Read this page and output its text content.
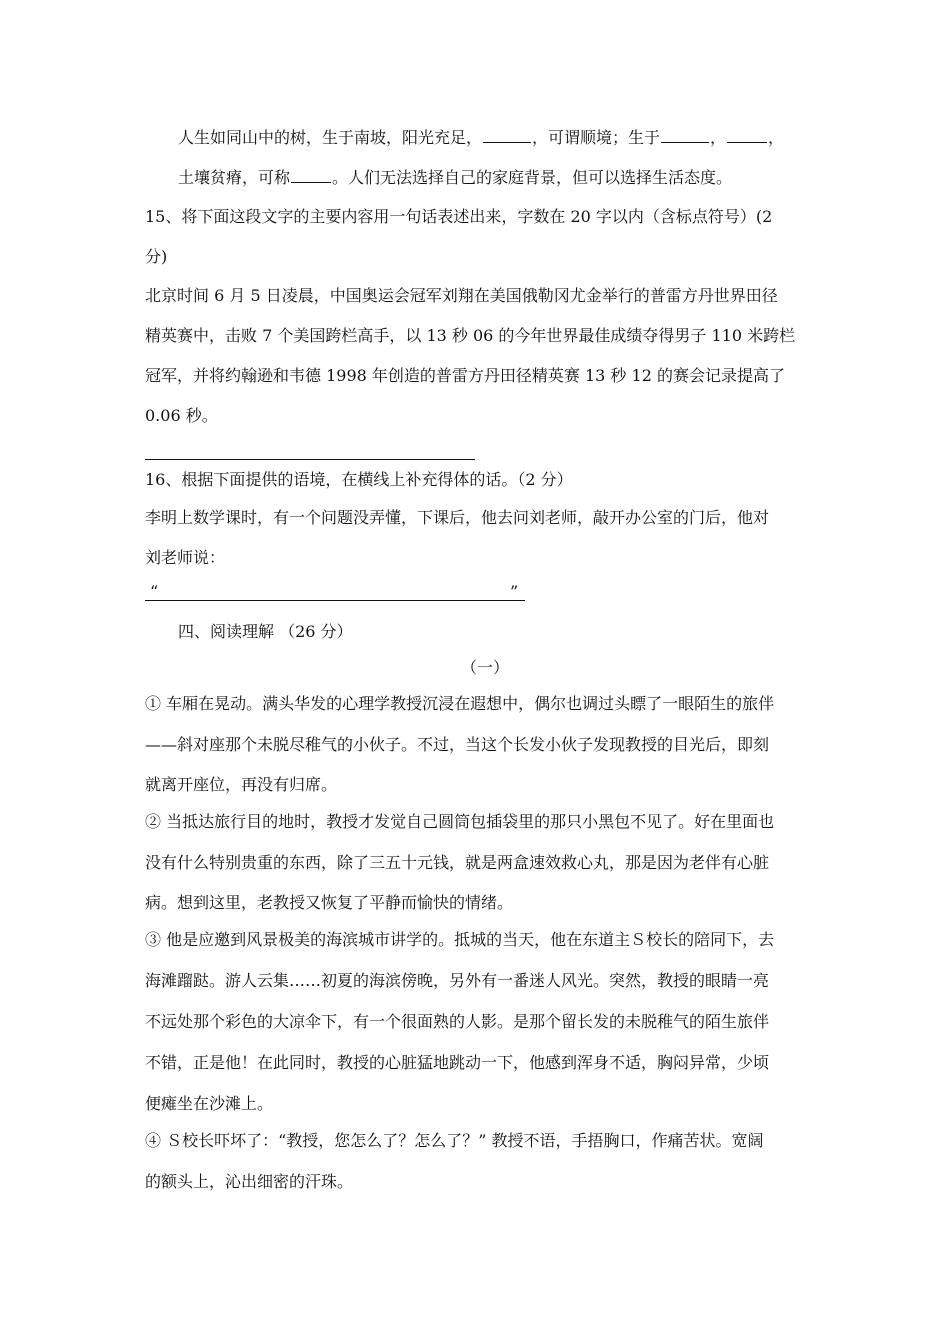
人生如同山中的树，生于南坡，阳光充足，	，可谓顺境；生于	，	，
土壤贫瘠，可称	。人们无法选择自己的家庭背景，但可以选择生活态度。
15、将下面这段文字的主要内容用一句话表述出来，字数在 20 字以内（含标点符号）(2
分)
北京时间 6 月 5 日凌晨，中国奥运会冠军刘翔在美国俄勒冈尤金举行的普雷方丹世界田径
精英赛中，击败 7 个美国跨栏高手，以 13 秒 06 的今年世界最佳成绩夺得男子 110 米跨栏
冠军，并将约翰逊和韦德 1998 年创造的普雷方丹田径精英赛 13 秒 12 的赛会记录提高了
0.06 秒。
16、根据下面提供的语境，在横线上补充得体的话。（2 分）
李明上数学课时，有一个问题没弄懂，下课后，他去问刘老师，敲开办公室的门后，他对
刘老师说：
“	”
四、阅读理解 （26 分）
（一）
① 车厢在晃动。满头华发的心理学教授沉浸在遐想中，偶尔也调过头瞟了一眼陌生的旅伴
——斜对座那个未脱尽稚气的小伙子。不过，当这个长发小伙子发现教授的目光后，即刻
就离开座位，再没有归席。
② 当抵达旅行目的地时，教授才发觉自己圆筒包插袋里的那只小黑包不见了。好在里面也
没有什么特别贵重的东西，除了三五十元钱，就是两盒速效救心丸，那是因为老伴有心脏
病。想到这里，老教授又恢复了平静而愉快的情绪。
③ 他是应邀到风景极美的海滨城市讲学的。抵城的当天，他在东道主Ｓ校长的陪同下，去
海滩蹓跶。游人云集……初夏的海滨傍晚，另外有一番迷人风光。突然，教授的眼睛一亮
不远处那个彩色的大凉伞下，有一个很面熟的人影。是那个留长发的未脱稚气的陌生旅伴
不错，正是他！在此同时，教授的心脏猛地跳动一下，他感到浑身不适，胸闷异常，少顷
便瘫坐在沙滩上。
④ Ｓ校长吓坏了：“教授，您怎么了？怎么了？” 教授不语，手捂胸口，作痛苦状。宽阔
的额头上，沁出细密的汗珠。
